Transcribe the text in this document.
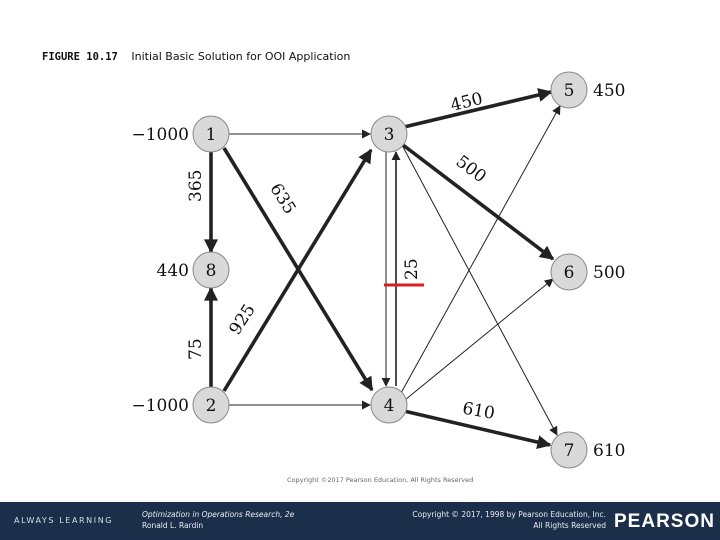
FIGURE 10.17 Initial Basic Solution for OOI Application
450
500
635
365
25
925
75
610
1
8
2
3
4
5
6
7
−1000
440
−1000
450
500
610
Copyright ©2017 Pearson Education, All Rights Reserved
ALWAYS LEARNING
Optimization in Operations Research, 2e
Ronald L. Rardin
Copyright © 2017, 1998 by Pearson Education, Inc.
All Rights Reserved PEARSON
